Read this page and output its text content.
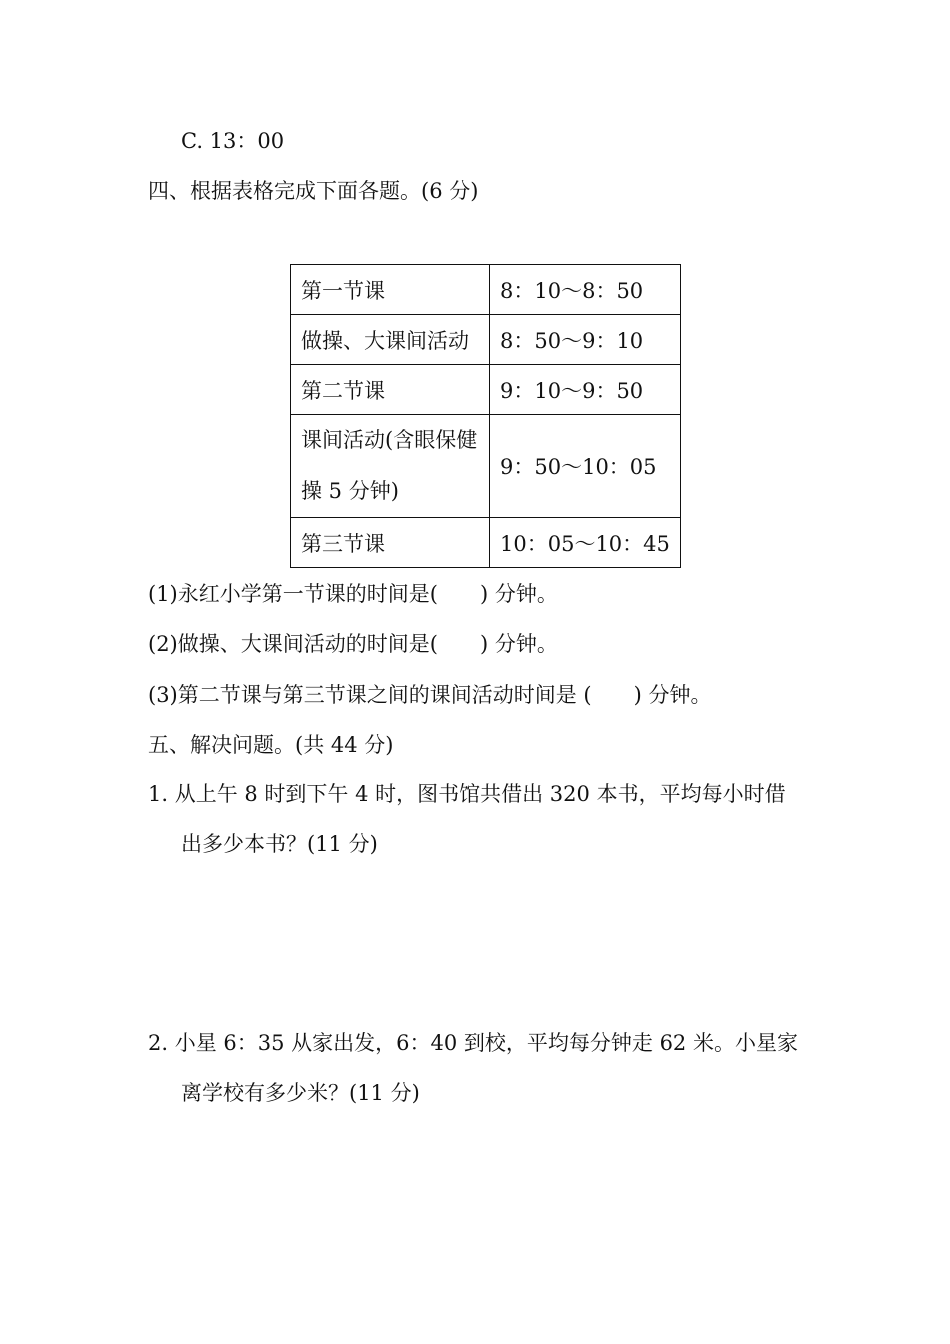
C. 13：00
四、根据表格完成下面各题。(6 分)
第一节课	8：10～8：50
做操、大课间活动	8：50～9：10
第二节课	9：10～9：50
课间活动(含眼保健操 5 分钟)	9：50～10：05
第三节课	10：05～10：45
(1)永红小学第一节课的时间是( ) 分钟。
(2)做操、大课间活动的时间是( ) 分钟。
(3)第二节课与第三节课之间的课间活动时间是 ( ) 分钟。
五、解决问题。(共 44 分)
1. 从上午 8 时到下午 4 时，图书馆共借出 320 本书，平均每小时借
出多少本书？(11 分)
2. 小星 6：35 从家出发，6：40 到校，平均每分钟走 62 米。小星家
离学校有多少米？(11 分)
